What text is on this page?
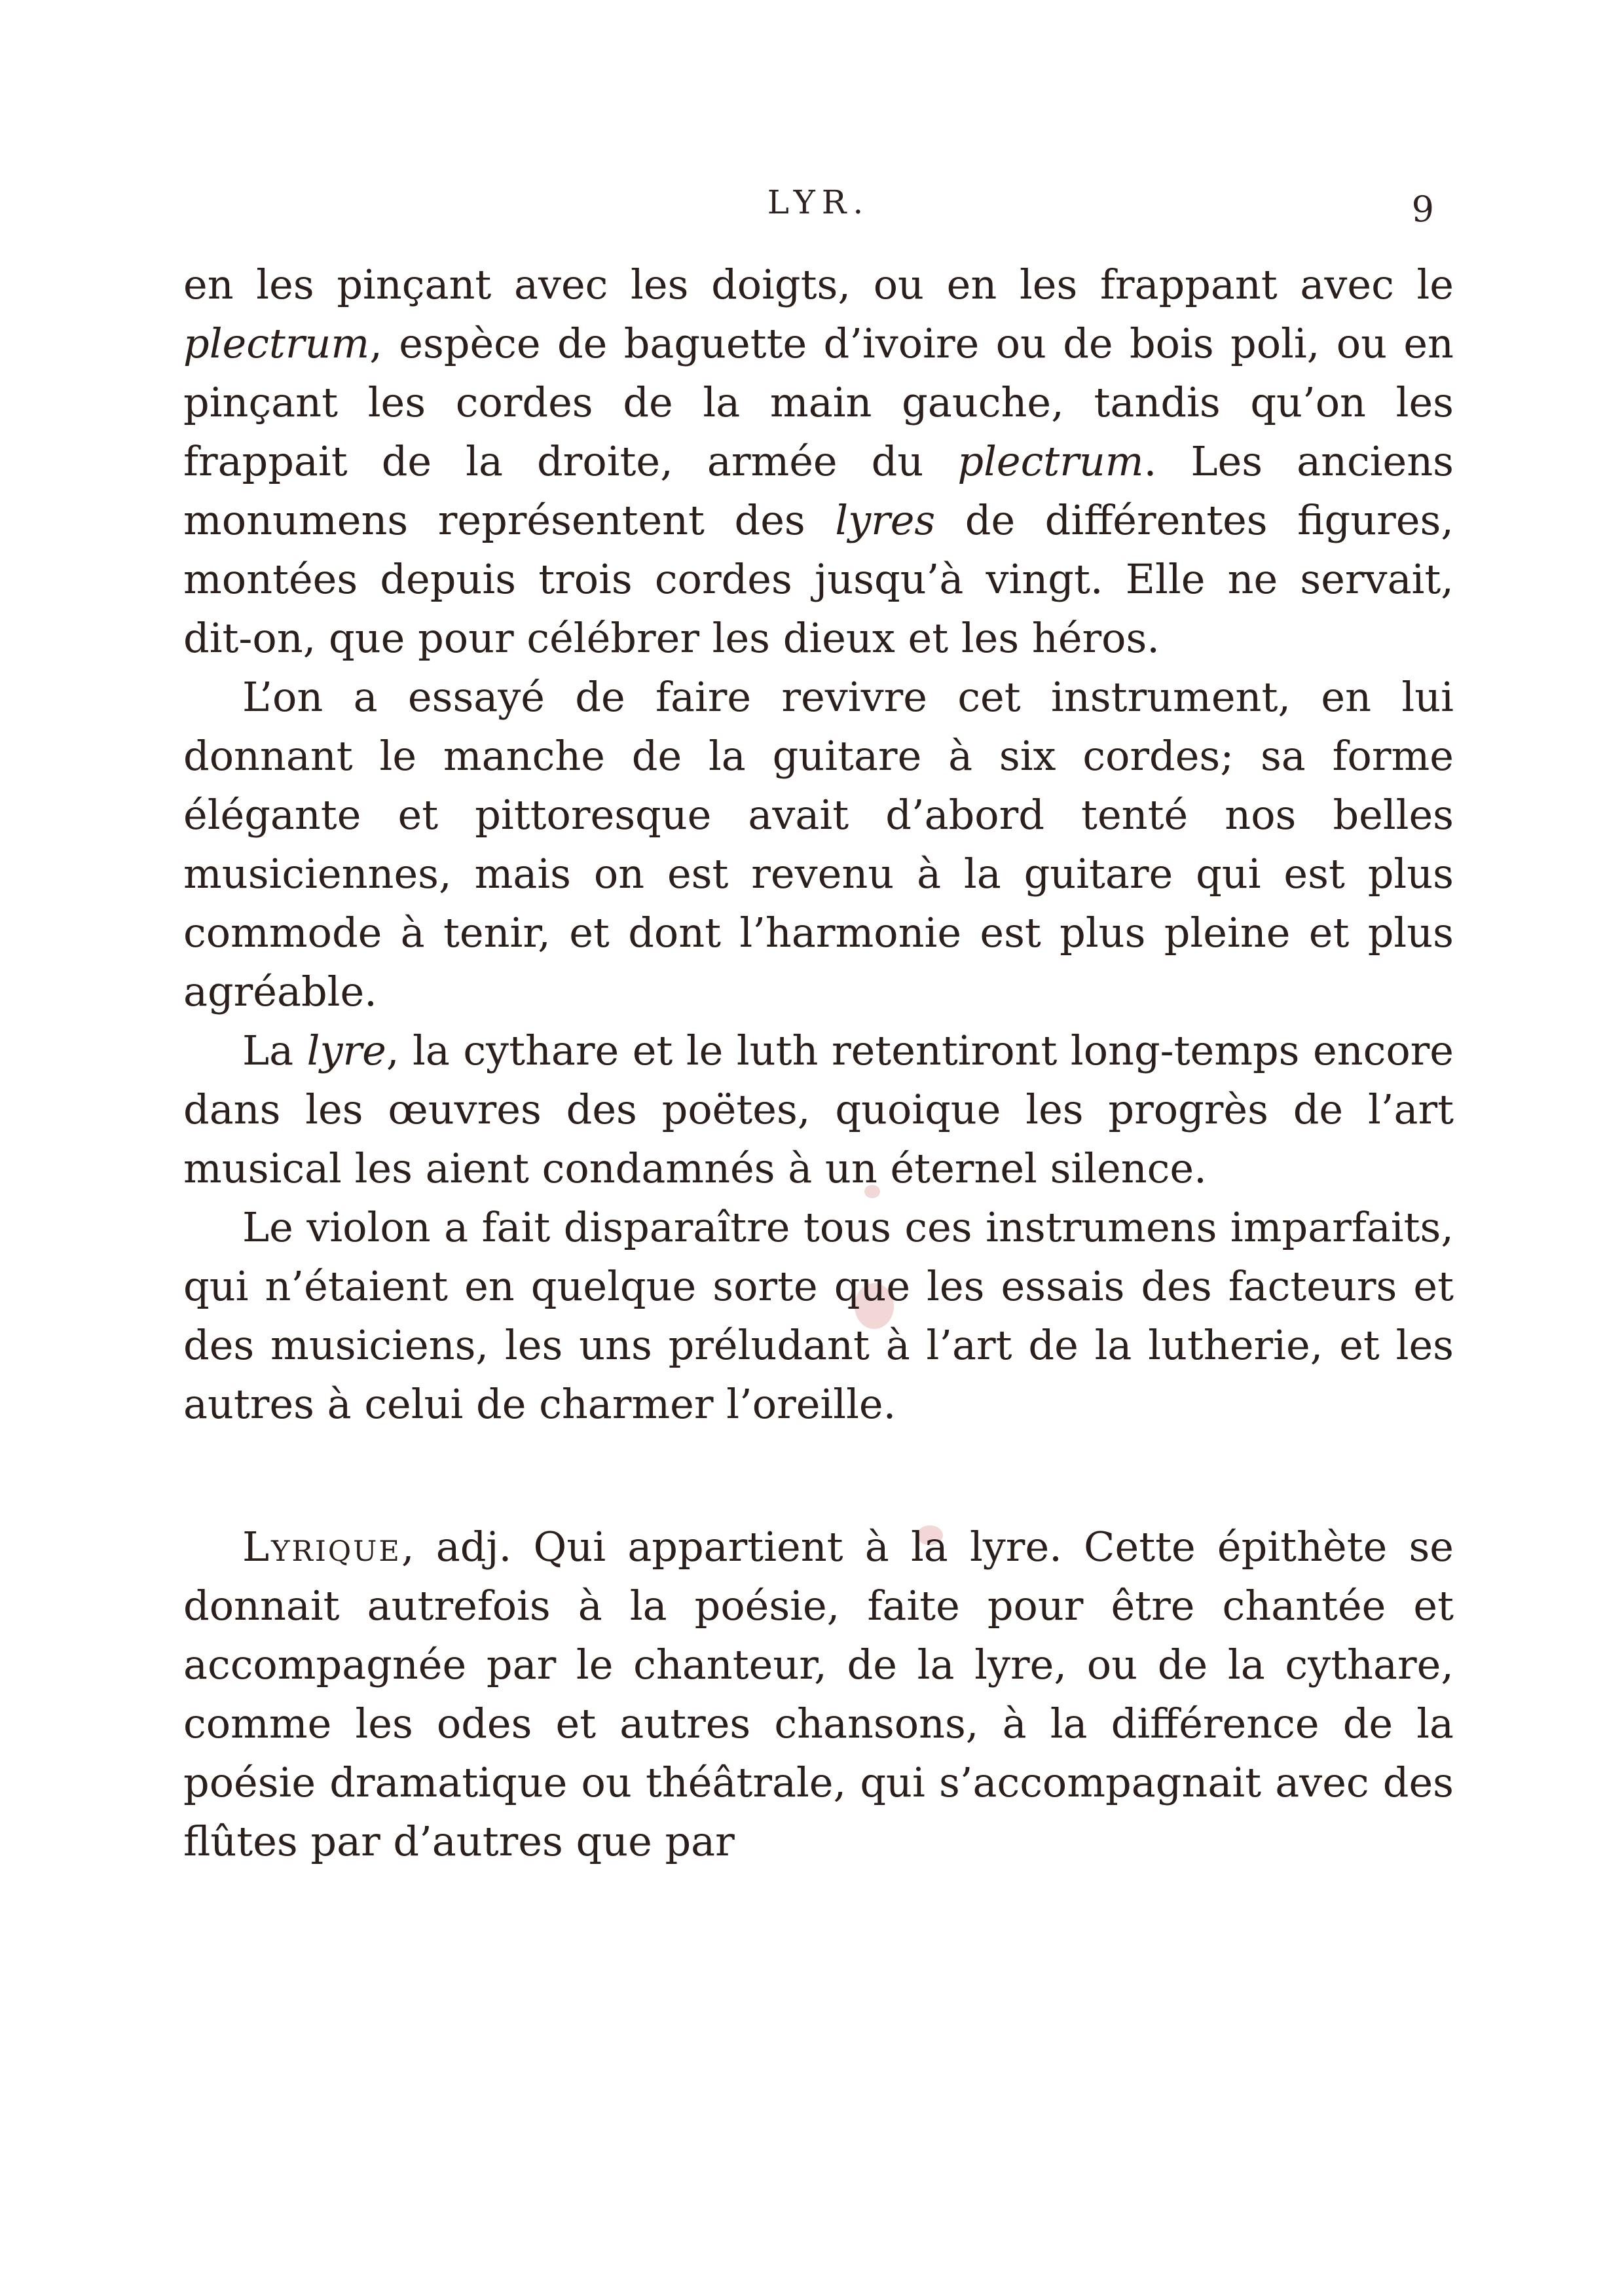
LYR.	9

en les pinçant avec les doigts, ou en les frappant avec le plectrum, espèce de baguette d’ivoire ou de bois poli, ou en pinçant les cordes de la main gauche, tandis qu’on les frappait de la droite, armée du plectrum. Les anciens monumens représentent des lyres de différentes figures, montées depuis trois cordes jusqu’à vingt. Elle ne servait, dit-on, que pour célébrer les dieux et les héros.

L’on a essayé de faire revivre cet instrument, en lui donnant le manche de la guitare à six cordes; sa forme élégante et pittoresque avait d’abord tenté nos belles musiciennes, mais on est revenu à la guitare qui est plus commode à tenir, et dont l’harmonie est plus pleine et plus agréable.

La lyre, la cythare et le luth retentiront long-temps encore dans les œuvres des poëtes, quoique les progrès de l’art musical les aient condamnés à un éternel silence.

Le violon a fait disparaître tous ces instrumens imparfaits, qui n’étaient en quelque sorte que les essais des facteurs et des musiciens, les uns préludant à l’art de la lutherie, et les autres à celui de charmer l’oreille.

Lyrique, adj. Qui appartient à la lyre. Cette épithète se donnait autrefois à la poésie, faite pour être chantée et accompagnée par le chanteur, de la lyre, ou de la cythare, comme les odes et autres chansons, à la différence de la poésie dramatique ou théâtrale, qui s’accompagnait avec des flûtes par d’autres que par
